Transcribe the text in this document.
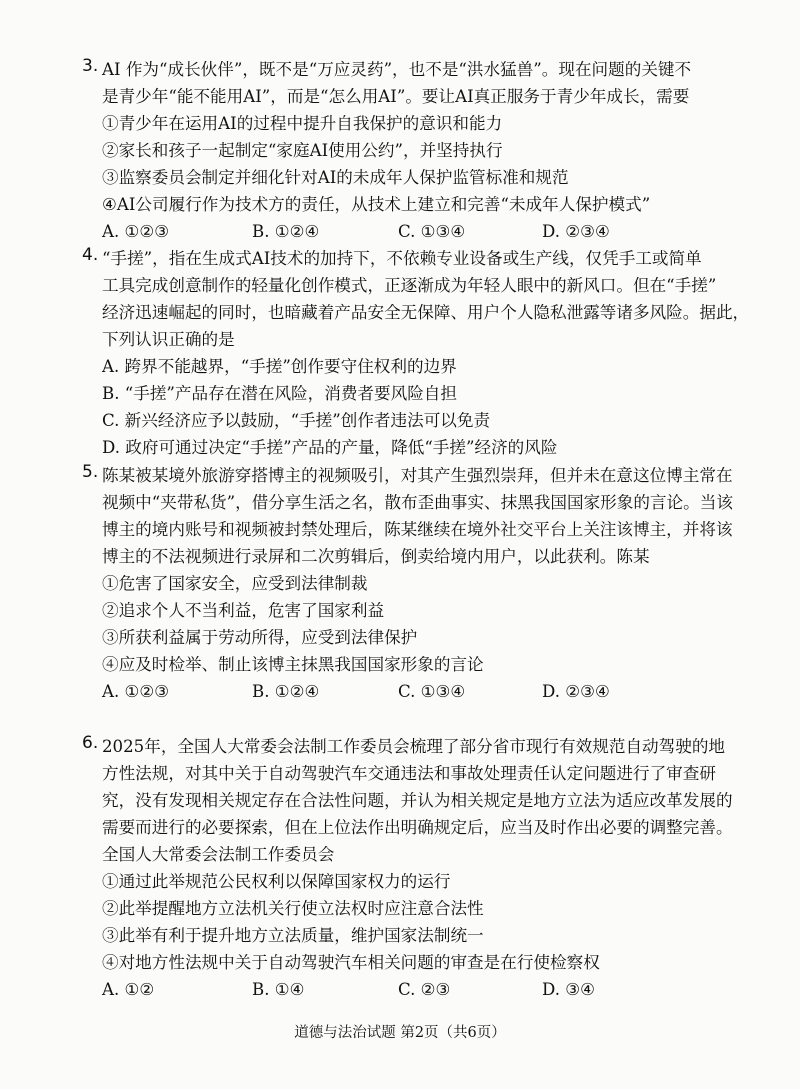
3. AI 作为“成长伙伴”，既不是“万应灵药”，也不是“洪水猛兽”。现在问题的关键不
是青少年“能不能用AI”，而是“怎么用AI”。要让AI真正服务于青少年成长，需要
①青少年在运用AI的过程中提升自我保护的意识和能力
②家长和孩子一起制定“家庭AI使用公约”，并坚持执行
③监察委员会制定并细化针对AI的未成年人保护监管标准和规范
④AI公司履行作为技术方的责任，从技术上建立和完善“未成年人保护模式”
A. ①②③	B. ①②④	C. ①③④	D. ②③④
4. “手搓”，指在生成式AI技术的加持下，不依赖专业设备或生产线，仅凭手工或简单
工具完成创意制作的轻量化创作模式，正逐渐成为年轻人眼中的新风口。但在“手搓”
经济迅速崛起的同时，也暗藏着产品安全无保障、用户个人隐私泄露等诸多风险。据此，
下列认识正确的是
A. 跨界不能越界，“手搓”创作要守住权利的边界
B. “手搓”产品存在潜在风险，消费者要风险自担
C. 新兴经济应予以鼓励，“手搓”创作者违法可以免责
D. 政府可通过决定“手搓”产品的产量，降低“手搓”经济的风险
5. 陈某被某境外旅游穿搭博主的视频吸引，对其产生强烈崇拜，但并未在意这位博主常在
视频中“夹带私货”，借分享生活之名，散布歪曲事实、抹黑我国国家形象的言论。当该
博主的境内账号和视频被封禁处理后，陈某继续在境外社交平台上关注该博主，并将该
博主的不法视频进行录屏和二次剪辑后，倒卖给境内用户，以此获利。陈某
①危害了国家安全，应受到法律制裁
②追求个人不当利益，危害了国家利益
③所获利益属于劳动所得，应受到法律保护
④应及时检举、制止该博主抹黑我国国家形象的言论
A. ①②③	B. ①②④	C. ①③④	D. ②③④
6. 2025年，全国人大常委会法制工作委员会梳理了部分省市现行有效规范自动驾驶的地
方性法规，对其中关于自动驾驶汽车交通违法和事故处理责任认定问题进行了审查研
究，没有发现相关规定存在合法性问题，并认为相关规定是地方立法为适应改革发展的
需要而进行的必要探索，但在上位法作出明确规定后，应当及时作出必要的调整完善。
全国人大常委会法制工作委员会
①通过此举规范公民权利以保障国家权力的运行
②此举提醒地方立法机关行使立法权时应注意合法性
③此举有利于提升地方立法质量，维护国家法制统一
④对地方性法规中关于自动驾驶汽车相关问题的审查是在行使检察权
A. ①②	B. ①④	C. ②③	D. ③④
道德与法治试题 第2页（共6页）
